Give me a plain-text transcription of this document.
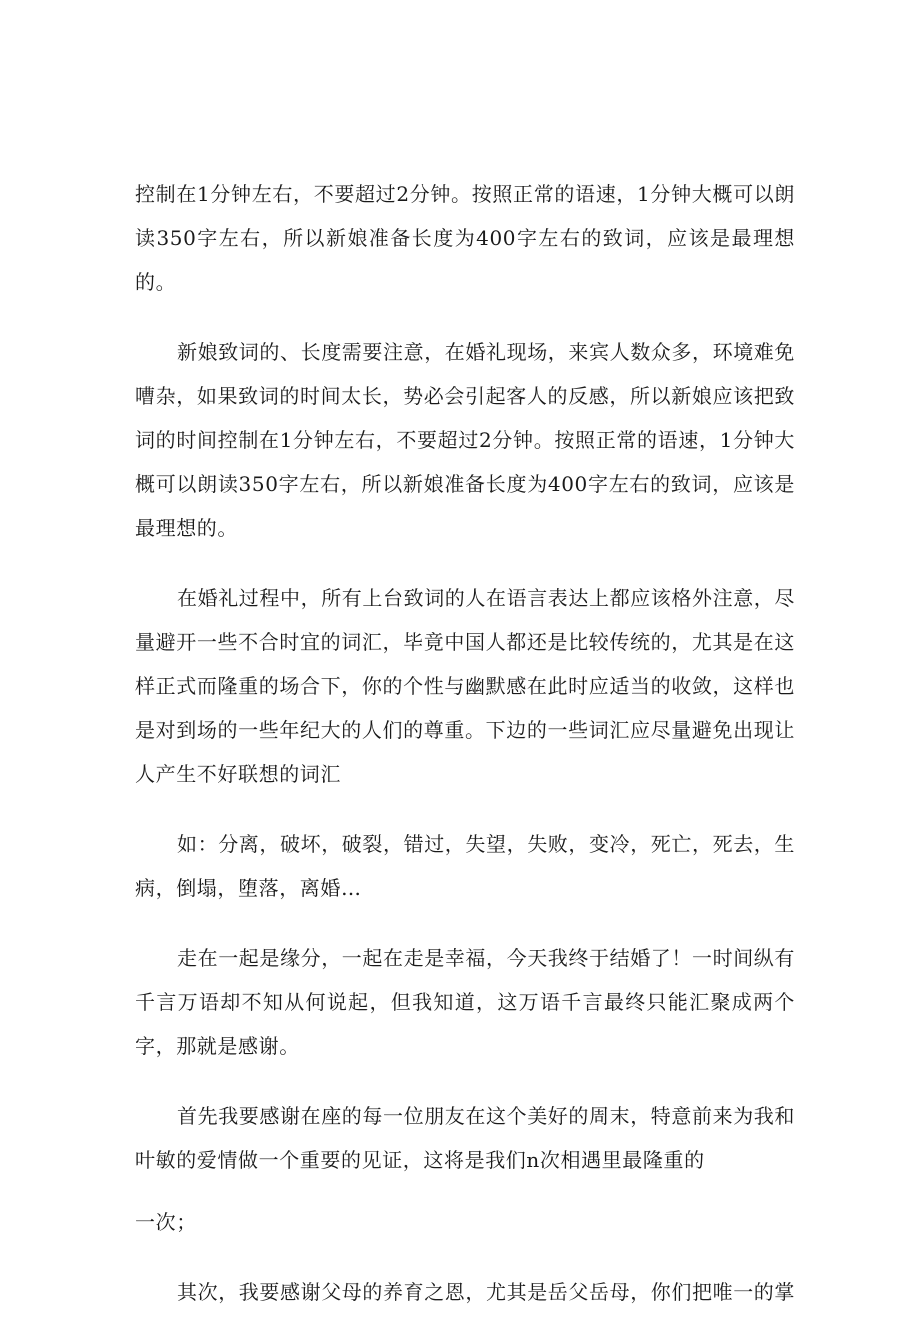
控制在1分钟左右，不要超过2分钟。按照正常的语速，1分钟大概可以朗读350字左右，所以新娘准备长度为400字左右的致词，应该是最理想的。

新娘致词的、长度需要注意，在婚礼现场，来宾人数众多，环境难免嘈杂，如果致词的时间太长，势必会引起客人的反感，所以新娘应该把致词的时间控制在1分钟左右，不要超过2分钟。按照正常的语速，1分钟大概可以朗读350字左右，所以新娘准备长度为400字左右的致词，应该是最理想的。

在婚礼过程中，所有上台致词的人在语言表达上都应该格外注意，尽量避开一些不合时宜的词汇，毕竟中国人都还是比较传统的，尤其是在这样正式而隆重的场合下，你的个性与幽默感在此时应适当的收敛，这样也是对到场的一些年纪大的人们的尊重。下边的一些词汇应尽量避免出现让人产生不好联想的词汇

如：分离，破坏，破裂，错过，失望，失败，变冷，死亡，死去，生病，倒塌，堕落，离婚…

走在一起是缘分，一起在走是幸福，今天我终于结婚了！一时间纵有千言万语却不知从何说起，但我知道，这万语千言最终只能汇聚成两个字，那就是感谢。

首先我要感谢在座的每一位朋友在这个美好的周末，特意前来为我和叶敏的爱情做一个重要的见证，这将是我们n次相遇里最隆重的

一次；

其次，我要感谢父母的养育之恩，尤其是岳父岳母，你们把唯一的掌
